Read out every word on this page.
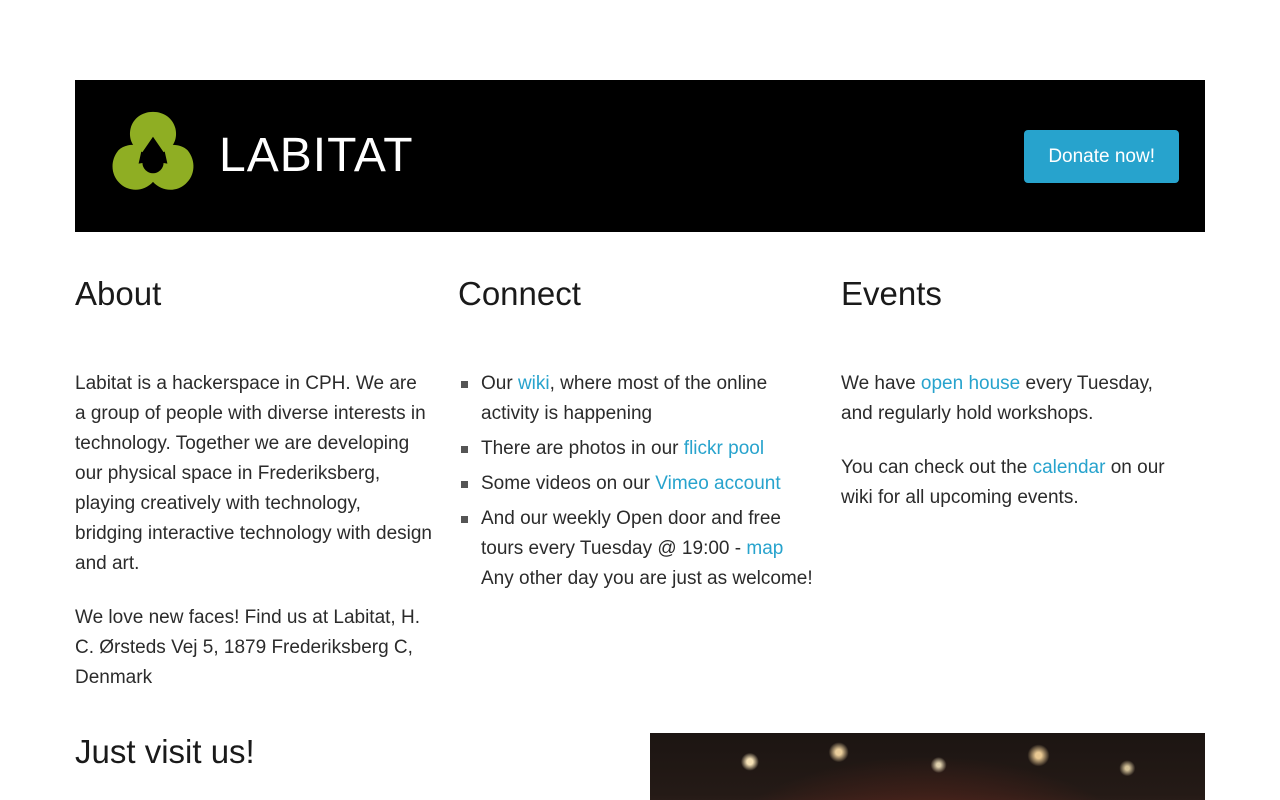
LABITAT	Donate now!
About

Labitat is a hackerspace in CPH. We are a group of people with diverse interests in technology. Together we are developing our physical space in Frederiksberg, playing creatively with technology, bridging interactive technology with design and art.

We love new faces! Find us at Labitat, H. C. Ørsteds Vej 5, 1879 Frederiksberg C, Denmark

Connect
Our wiki, where most of the online activity is happening
There are photos in our flickr pool
Some videos on our Vimeo account
And our weekly Open door and free tours every Tuesday @ 19:00 - map Any other day you are just as welcome!
Events

We have open house every Tuesday, and regularly hold workshops.

You can check out the calendar on our wiki for all upcoming events.

Just visit us!
